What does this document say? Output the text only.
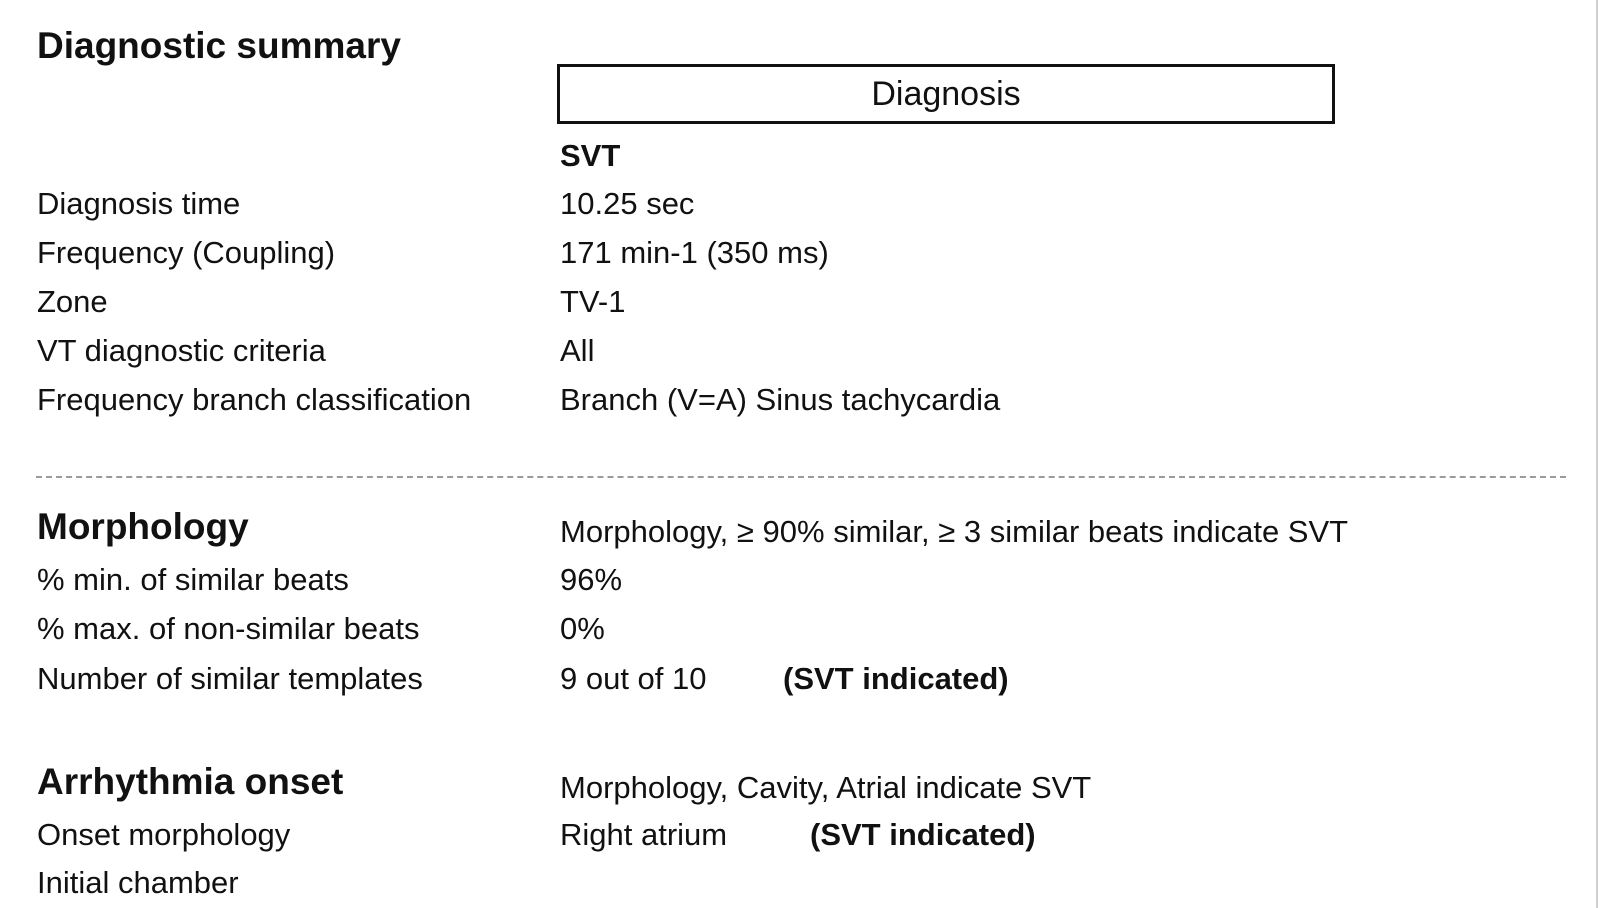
Diagnostic summary
Diagnosis
SVT
Diagnosis time	10.25 sec
Frequency (Coupling)	171 min-1 (350 ms)
Zone	TV-1
VT diagnostic criteria	All
Frequency branch classification	Branch (V=A) Sinus tachycardia
Morphology	Morphology, ≥ 90% similar, ≥ 3 similar beats indicate SVT
% min. of similar beats	96%
% max. of non-similar beats	0%
Number of similar templates	9 out of 10 (SVT indicated)
Arrhythmia onset	Morphology, Cavity, Atrial indicate SVT
Onset morphology	Right atrium	(SVT indicated)
Initial chamber
